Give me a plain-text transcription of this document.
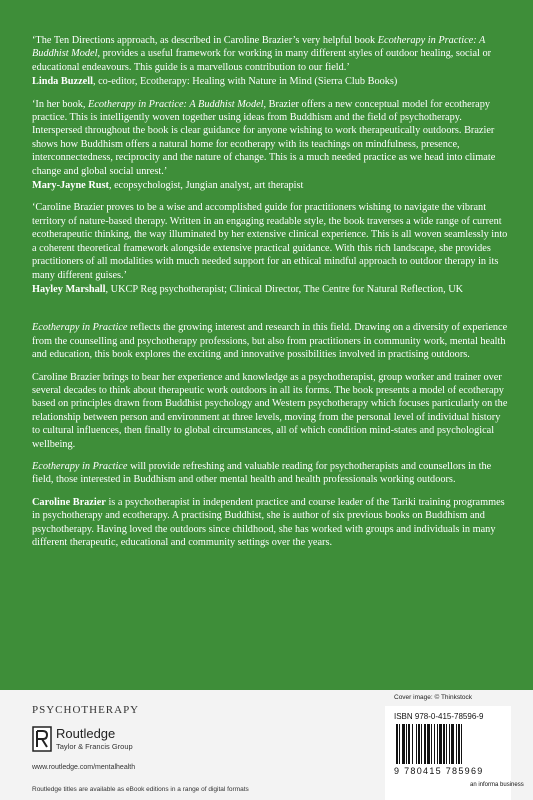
‘The Ten Directions approach, as described in Caroline Brazier’s very helpful book Ecotherapy in Practice: A Buddhist Model, provides a useful framework for working in many different styles of outdoor healing, social or educational endeavours. This guide is a marvellous contribution to our field.’
Linda Buzzell, co-editor, Ecotherapy: Healing with Nature in Mind (Sierra Club Books)
‘In her book, Ecotherapy in Practice: A Buddhist Model, Brazier offers a new conceptual model for ecotherapy practice. This is intelligently woven together using ideas from Buddhism and the field of psychotherapy. Interspersed throughout the book is clear guidance for anyone wishing to work therapeutically outdoors. Brazier shows how Buddhism offers a natural home for ecotherapy with its teachings on mindfulness, presence, interconnectedness, reciprocity and the nature of change. This is a much needed practice as we head into climate change and global social unrest.’
Mary-Jayne Rust, ecopsychologist, Jungian analyst, art therapist
‘Caroline Brazier proves to be a wise and accomplished guide for practitioners wishing to navigate the vibrant territory of nature-based therapy. Written in an engaging readable style, the book traverses a wide range of current ecotherapeutic thinking, the way illuminated by her extensive clinical experience. This is all woven seamlessly into a coherent theoretical framework alongside extensive practical guidance. With this rich landscape, she provides practitioners of all modalities with much needed support for an ethical mindful approach to outdoor therapy in its many different guises.’
Hayley Marshall, UKCP Reg psychotherapist; Clinical Director, The Centre for Natural Reflection, UK
Ecotherapy in Practice reflects the growing interest and research in this field. Drawing on a diversity of experience from the counselling and psychotherapy professions, but also from practitioners in community work, mental health and education, this book explores the exciting and innovative possibilities involved in practising outdoors.
Caroline Brazier brings to bear her experience and knowledge as a psychotherapist, group worker and trainer over several decades to think about therapeutic work outdoors in all its forms. The book presents a model of ecotherapy based on principles drawn from Buddhist psychology and Western psychotherapy which focuses particularly on the relationship between person and environment at three levels, moving from the personal level of individual history to cultural influences, then finally to global circumstances, all of which condition mind-states and psychological wellbeing.
Ecotherapy in Practice will provide refreshing and valuable reading for psychotherapists and counsellors in the field, those interested in Buddhism and other mental health and health professionals working outdoors.
Caroline Brazier is a psychotherapist in independent practice and course leader of the Tariki training programmes in psychotherapy and ecotherapy. A practising Buddhist, she is author of six previous books on Buddhism and psychotherapy. Having loved the outdoors since childhood, she has worked with groups and individuals in many different therapeutic, educational and community settings over the years.
PSYCHOTHERAPY
Routledge
Taylor & Francis Group
www.routledge.com/mentalhealth
Routledge titles are available as eBook editions in a range of digital formats
Cover image: © Thinkstock
ISBN 978-0-415-78596-9
9 780415 785969
an informa business
